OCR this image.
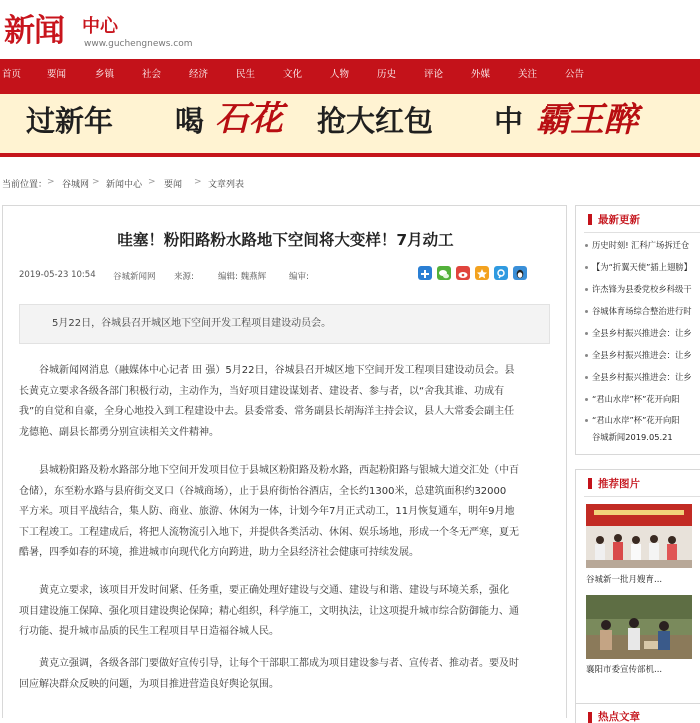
新闻 中心
www.guchengnews.com
首页	要闻	乡镇	社会	经济	民生	文化	人物	历史	评论	外媒	关注	公告
过新年 喝 石花 抢大红包 中 霸王醉
当前位置： > 谷城网 > 新闻中心 > 要闻 > 文章列表
哇塞！粉阳路粉水路地下空间将大变样！7月动工
2019-05-23 10:54 谷城新闻网 来源:	编辑: 魏燕辉	编审:
5月22日，谷城县召开城区地下空间开发工程项目建设动员会。
谷城新闻网消息（融媒体中心记者 田 强）5月22日，谷城县召开城区地下空间开发工程项目建设动员会。县
长黄克立要求各级各部门积极行动，主动作为，当好项目建设谋划者、建设者、参与者，以“舍我其谁、功成有
我”的自觉和自豪，全身心地投入到工程建设中去。县委常委、常务副县长胡海洋主持会议，县人大常委会副主任
龙德艳、副县长都勇分别宣读相关文件精神。
县城粉阳路及粉水路部分地下空间开发项目位于县城区粉阳路及粉水路，西起粉阳路与银城大道交汇处（中百
仓储），东至粉水路与县府街交叉口（谷城商场），止于县府街怡谷酒店，全长约1300米，总建筑面积约32000
平方米。项目平战结合，集人防、商业、旅游、休闲为一体，计划今年7月正式动工，11月恢复通车，明年9月地
下工程竣工。工程建成后，将把人流物流引入地下，并提供各类活动、休闲、娱乐场地，形成一个冬无严寒，夏无
酷暑，四季如春的环境，推进城市向现代化方向跨进，助力全县经济社会健康可持续发展。
黄克立要求，该项目开发时间紧、任务重，要正确处理好建设与交通、建设与和谐、建设与环境关系，强化
项目建设施工保障、强化项目建设舆论保障；精心组织，科学施工，文明执法，让这项提升城市综合防御能力、通
行功能、提升城市品质的民生工程项目早日造福谷城人民。
黄克立强调，各级各部门要做好宣传引导，让每个干部职工都成为项目建设参与者、宣传者、推动者。要及时
回应解决群众反映的问题，为项目推进营造良好舆论氛围。
最新更新
历史时刻! 汇科广场拆迁仓
【为“折翼天使”插上翅膀】
许杰锋为县委党校乡科级干
谷城体育场综合整治进行时
全县乡村振兴推进会：让乡
全县乡村振兴推进会：让乡
全县乡村振兴推进会：让乡
“君山水岸”杯”花开向阳
“君山水岸”杯”花开向阳
谷城新闻2019.05.21
推荐图片
谷城新一批月嫂育...
襄阳市委宣传部机...
热点文章
